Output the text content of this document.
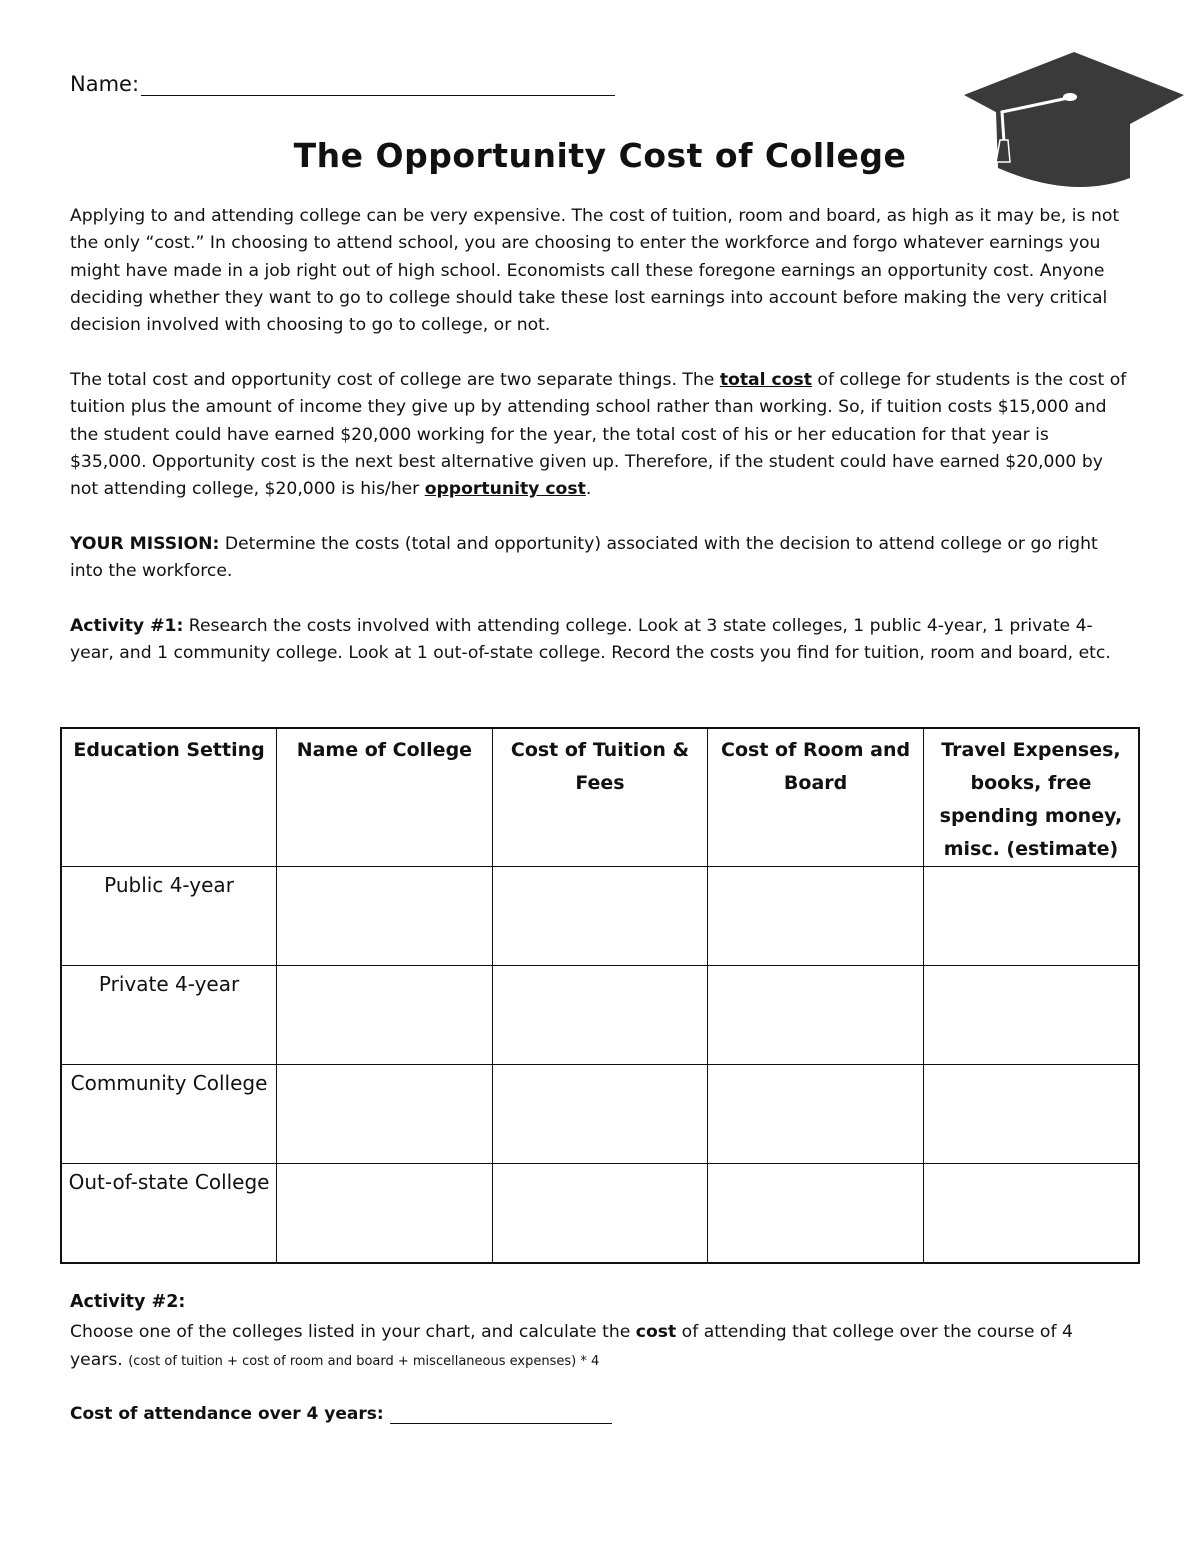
Name:
The Opportunity Cost of College

Applying to and attending college can be very expensive. The cost of tuition, room and board, as high as it may be, is not the only “cost.” In choosing to attend school, you are choosing to enter the workforce and forgo whatever earnings you might have made in a job right out of high school. Economists call these foregone earnings an opportunity cost. Anyone deciding whether they want to go to college should take these lost earnings into account before making the very critical decision involved with choosing to go to college, or not.

The total cost and opportunity cost of college are two separate things. The total cost of college for students is the cost of tuition plus the amount of income they give up by attending school rather than working. So, if tuition costs $15,000 and the student could have earned $20,000 working for the year, the total cost of his or her education for that year is $35,000. Opportunity cost is the next best alternative given up. Therefore, if the student could have earned $20,000 by not attending college, $20,000 is his/her opportunity cost.

YOUR MISSION: Determine the costs (total and opportunity) associated with the decision to attend college or go right into the workforce.

Activity #1: Research the costs involved with attending college. Look at 3 state colleges, 1 public 4-year, 1 private 4-year, and 1 community college. Look at 1 out-of-state college. Record the costs you find for tuition, room and board, etc.

Education Setting	Name of College	Cost of Tuition & Fees	Cost of Room and Board	Travel Expenses, books, free spending money, misc. (estimate)
Public 4-year				
Private 4-year				
Community College				
Out-of-state College				
Activity #2:

Choose one of the colleges listed in your chart, and calculate the cost of attending that college over the course of 4 years. (cost of tuition + cost of room and board + miscellaneous expenses) * 4

Cost of attendance over 4 years:
